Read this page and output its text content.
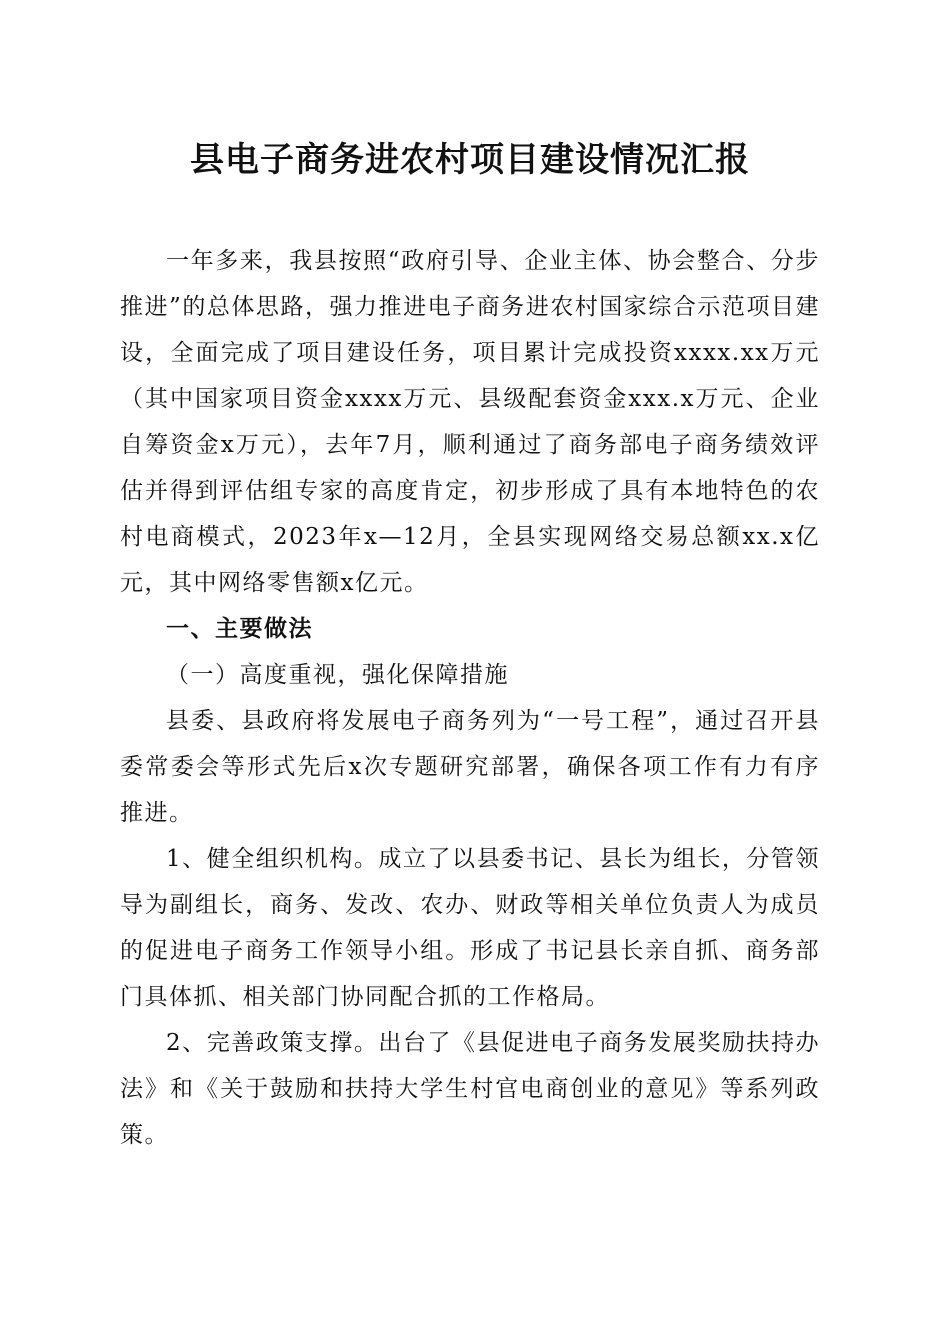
县电子商务进农村项目建设情况汇报

一年多来，我县按照“政府引导、企业主体、协会整合、分步推进”的总体思路，强力推进电子商务进农村国家综合示范项目建设，全面完成了项目建设任务，项目累计完成投资xxxx.xx万元（其中国家项目资金xxxx万元、县级配套资金xxx.x万元、企业自筹资金x万元），去年7月，顺利通过了商务部电子商务绩效评估并得到评估组专家的高度肯定，初步形成了具有本地特色的农村电商模式，2023年x—12月，全县实现网络交易总额xx.x亿元，其中网络零售额x亿元。

一、主要做法

（一）高度重视，强化保障措施

县委、县政府将发展电子商务列为“一号工程”，通过召开县委常委会等形式先后x次专题研究部署，确保各项工作有力有序推进。

1、健全组织机构。成立了以县委书记、县长为组长，分管领导为副组长，商务、发改、农办、财政等相关单位负责人为成员的促进电子商务工作领导小组。形成了书记县长亲自抓、商务部门具体抓、相关部门协同配合抓的工作格局。

2、完善政策支撑。出台了《县促进电子商务发展奖励扶持办法》和《关于鼓励和扶持大学生村官电商创业的意见》等系列政策。
